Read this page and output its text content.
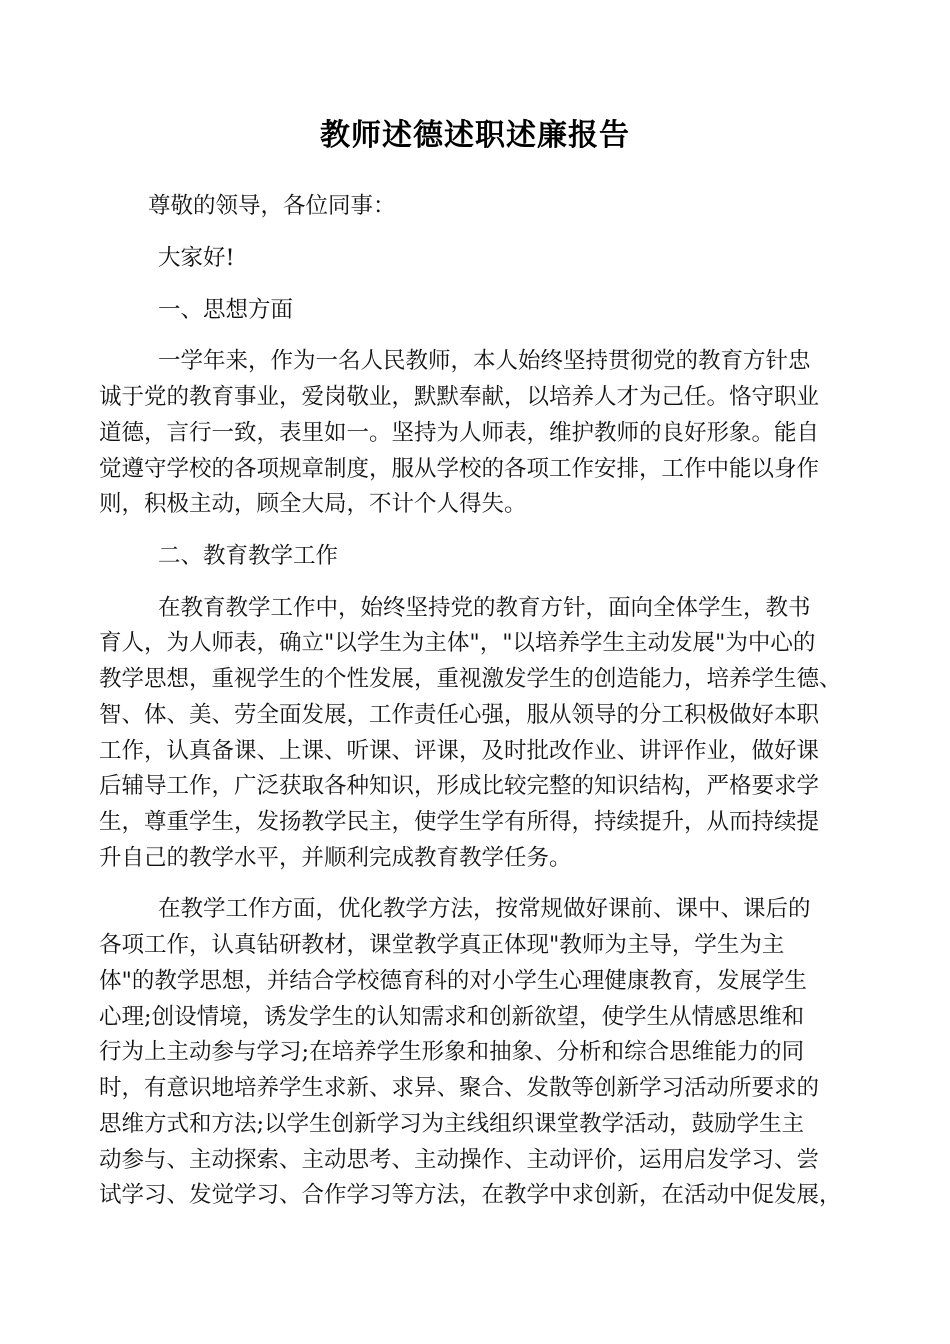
教师述德述职述廉报告
尊敬的领导，各位同事：
大家好!
一、思想方面
一学年来，作为一名人民教师，本人始终坚持贯彻党的教育方针忠
诚于党的教育事业，爱岗敬业，默默奉献，以培养人才为己任。恪守职业
道德，言行一致，表里如一。坚持为人师表，维护教师的良好形象。能自
觉遵守学校的各项规章制度，服从学校的各项工作安排，工作中能以身作
则，积极主动，顾全大局，不计个人得失。
二、教育教学工作
在教育教学工作中，始终坚持党的教育方针，面向全体学生，教书
育人，为人师表，确立"以学生为主体"，"以培养学生主动发展"为中心的
教学思想，重视学生的个性发展，重视激发学生的创造能力，培养学生德、
智、体、美、劳全面发展，工作责任心强，服从领导的分工积极做好本职
工作，认真备课、上课、听课、评课，及时批改作业、讲评作业，做好课
后辅导工作，广泛获取各种知识，形成比较完整的知识结构，严格要求学
生，尊重学生，发扬教学民主，使学生学有所得，持续提升，从而持续提
升自己的教学水平，并顺利完成教育教学任务。
在教学工作方面，优化教学方法，按常规做好课前、课中、课后的
各项工作，认真钻研教材，课堂教学真正体现"教师为主导，学生为主
体"的教学思想，并结合学校德育科的对小学生心理健康教育，发展学生
心理;创设情境，诱发学生的认知需求和创新欲望，使学生从情感思维和
行为上主动参与学习;在培养学生形象和抽象、分析和综合思维能力的同
时，有意识地培养学生求新、求异、聚合、发散等创新学习活动所要求的
思维方式和方法;以学生创新学习为主线组织课堂教学活动，鼓励学生主
动参与、主动探索、主动思考、主动操作、主动评价，运用启发学习、尝
试学习、发觉学习、合作学习等方法，在教学中求创新，在活动中促发展，
